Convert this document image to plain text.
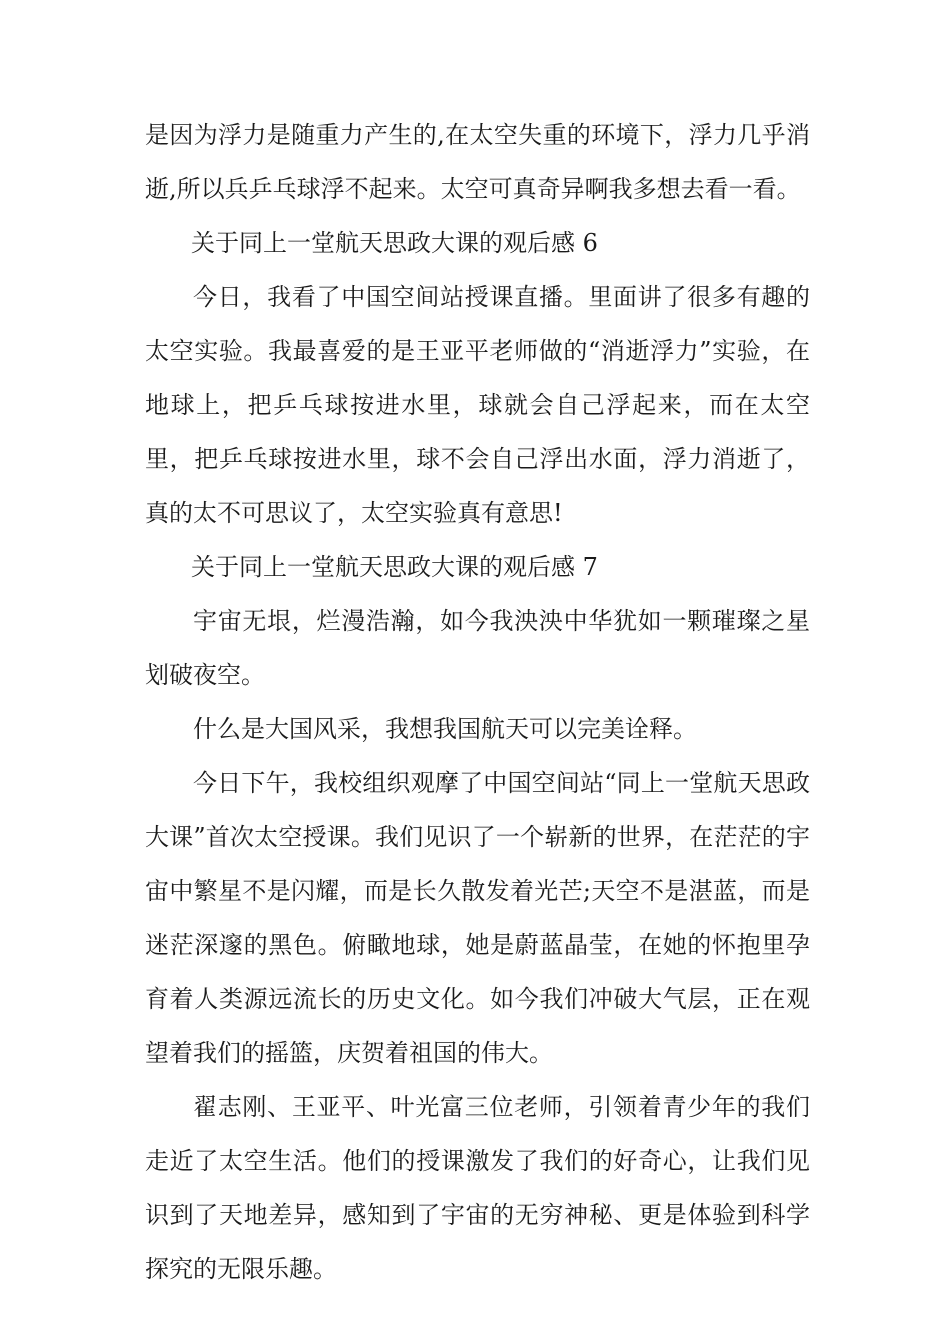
是因为浮力是随重力产生的,在太空失重的环境下，浮力几乎消逝,所以兵乒乓球浮不起来。太空可真奇异啊我多想去看一看。

关于同上一堂航天思政大课的观后感 6

今日，我看了中国空间站授课直播。里面讲了很多有趣的太空实验。我最喜爱的是王亚平老师做的“消逝浮力”实验，在地球上，把乒乓球按进水里，球就会自己浮起来，而在太空里，把乒乓球按进水里，球不会自己浮出水面，浮力消逝了，真的太不可思议了，太空实验真有意思!

关于同上一堂航天思政大课的观后感 7

宇宙无垠，烂漫浩瀚，如今我泱泱中华犹如一颗璀璨之星划破夜空。

什么是大国风采，我想我国航天可以完美诠释。

今日下午，我校组织观摩了中国空间站“同上一堂航天思政大课”首次太空授课。我们见识了一个崭新的世界，在茫茫的宇宙中繁星不是闪耀，而是长久散发着光芒;天空不是湛蓝，而是迷茫深邃的黑色。俯瞰地球，她是蔚蓝晶莹，在她的怀抱里孕育着人类源远流长的历史文化。如今我们冲破大气层，正在观望着我们的摇篮，庆贺着祖国的伟大。

翟志刚、王亚平、叶光富三位老师，引领着青少年的我们走近了太空生活。他们的授课激发了我们的好奇心，让我们见识到了天地差异，感知到了宇宙的无穷神秘、更是体验到科学探究的无限乐趣。
